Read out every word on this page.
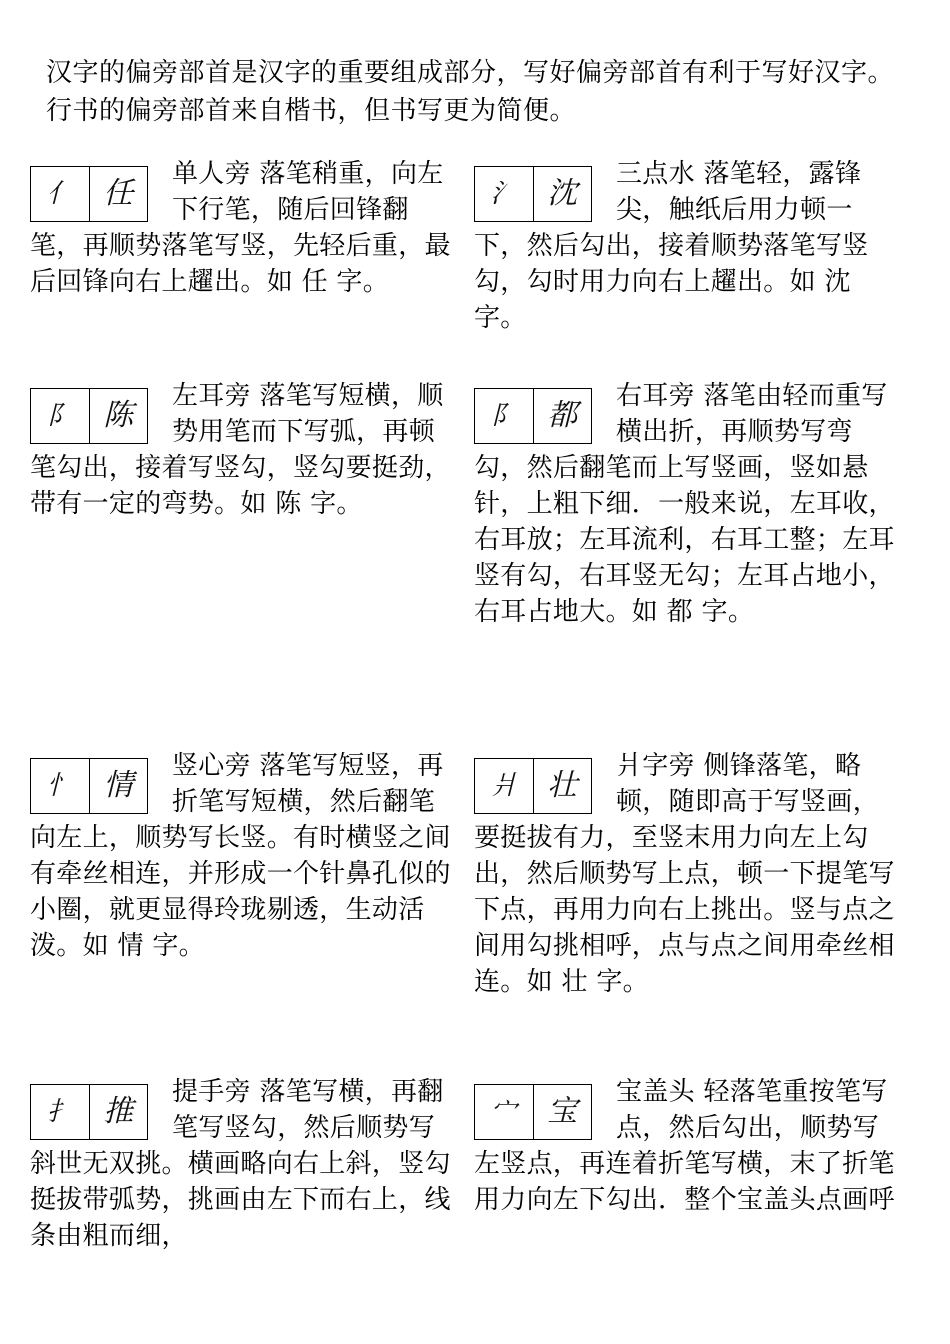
汉字的偏旁部首是汉字的重要组成部分，写好偏旁部首有利于写好汉字。行书的偏旁部首来自楷书，但书写更为简便。

亻	任

单人旁 落笔稍重，向左下行笔，随后回锋翻笔，再顺势落笔写竖，先轻后重，最后回锋向右上趯出。如 任 字。

氵	沈

三点水 落笔轻，露锋尖，触纸后用力顿一下，然后勾出，接着顺势落笔写竖勾，勾时用力向右上趯出。如 沈 字。

阝	陈

左耳旁 落笔写短横，顺势用笔而下写弧，再顿笔勾出，接着写竖勾，竖勾要挺劲，带有一定的弯势。如 陈 字。

阝	都

右耳旁 落笔由轻而重写横出折，再顺势写弯勾，然后翻笔而上写竖画，竖如悬针，上粗下细．一般来说，左耳收，右耳放；左耳流利，右耳工整；左耳竖有勾，右耳竖无勾；左耳占地小，右耳占地大。如 都 字。

忄	情

竖心旁 落笔写短竖，再折笔写短横，然后翻笔向左上，顺势写长竖。有时横竖之间有牵丝相连，并形成一个针鼻孔似的小圈，就更显得玲珑剔透，生动活泼。如 情 字。

爿	壮

爿字旁 侧锋落笔，略顿，随即高于写竖画，要挺拔有力，至竖末用力向左上勾出，然后顺势写上点，顿一下提笔写下点，再用力向右上挑出。竖与点之间用勾挑相呼，点与点之间用牵丝相连。如 壮 字。

扌	推

提手旁 落笔写横，再翻笔写竖勾，然后顺势写斜世无双挑。横画略向右上斜，竖勾挺拔带弧势，挑画由左下而右上，线条由粗而细，

宀	宝

宝盖头 轻落笔重按笔写点，然后勾出，顺势写左竖点，再连着折笔写横，末了折笔用力向左下勾出．整个宝盖头点画呼
